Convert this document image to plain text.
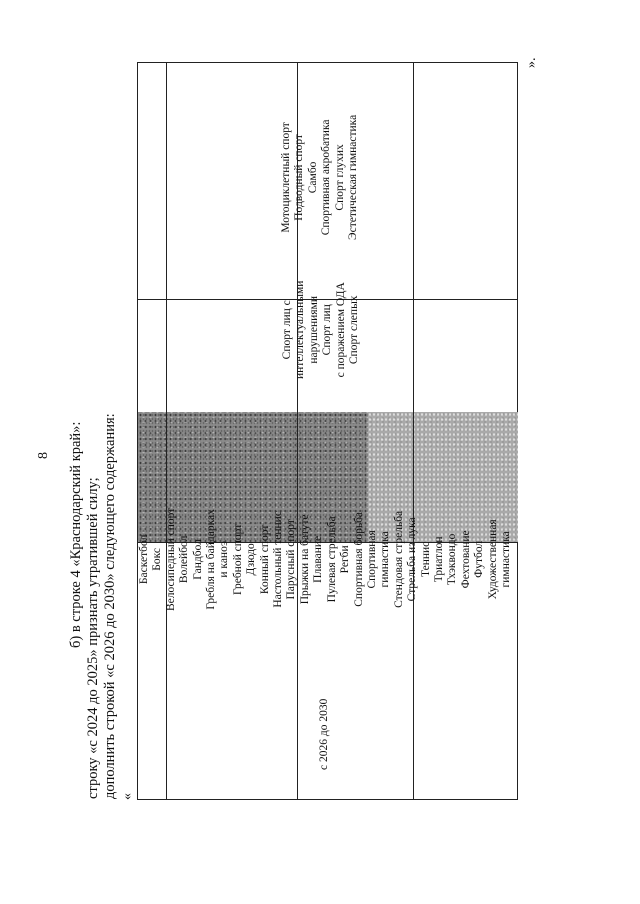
8 б) в строке 4 «Краснодарский край»: строку «с 2024 до 2025» признать утратившей силу; дополнить строкой «с 2026 до 2030» следующего содержания: «
с 2026 до 2030
Баскетбол Бокс Велосипедный спорт Волейбол Гандбол Гребля на байдарках и каноэ Гребной спорт Дзюдо Конный спорт Настольный теннис Парусный спорт Прыжки на батуте Плавание Пулевая стрельба Регби Спортивная борьба Спортивная гимнастика Стендовая стрельба Стрельба из лука Теннис Триатлон Тхэквондо Фехтование Футбол Художественная гимнастика
Спорт лиц с интеллектуальными нарушениями Спорт лиц с поражением ОДА Спорт слепых
Мотоциклетный спорт Подводный спорт Самбо Спортивная акробатика Спорт глухих Эстетическая гимнастика
».
